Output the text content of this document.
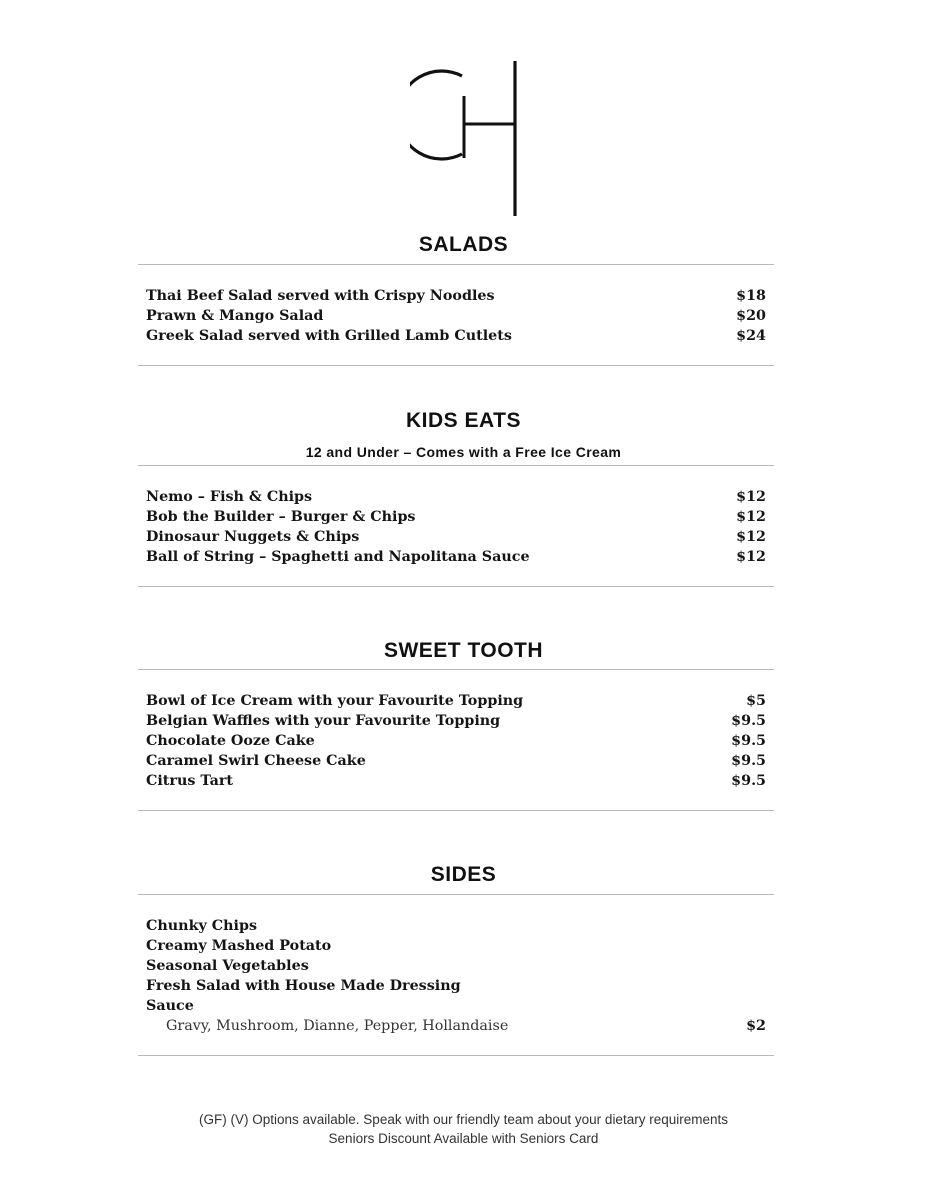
SALADS
Thai Beef Salad served with Crispy Noodles	$18
Prawn & Mango Salad	$20
Greek Salad served with Grilled Lamb Cutlets	$24
KIDS EATS
12 and Under – Comes with a Free Ice Cream
Nemo – Fish & Chips	$12
Bob the Builder – Burger & Chips	$12
Dinosaur Nuggets & Chips	$12
Ball of String – Spaghetti and Napolitana Sauce	$12
SWEET TOOTH
Bowl of Ice Cream with your Favourite Topping	$5
Belgian Waffles with your Favourite Topping	$9.5
Chocolate Ooze Cake	$9.5
Caramel Swirl Cheese Cake	$9.5
Citrus Tart	$9.5
SIDES
Chunky Chips
Creamy Mashed Potato
Seasonal Vegetables
Fresh Salad with House Made Dressing
Sauce
Gravy, Mushroom, Dianne, Pepper, Hollandaise	$2
(GF) (V) Options available. Speak with our friendly team about your dietary requirements
Seniors Discount Available with Seniors Card
